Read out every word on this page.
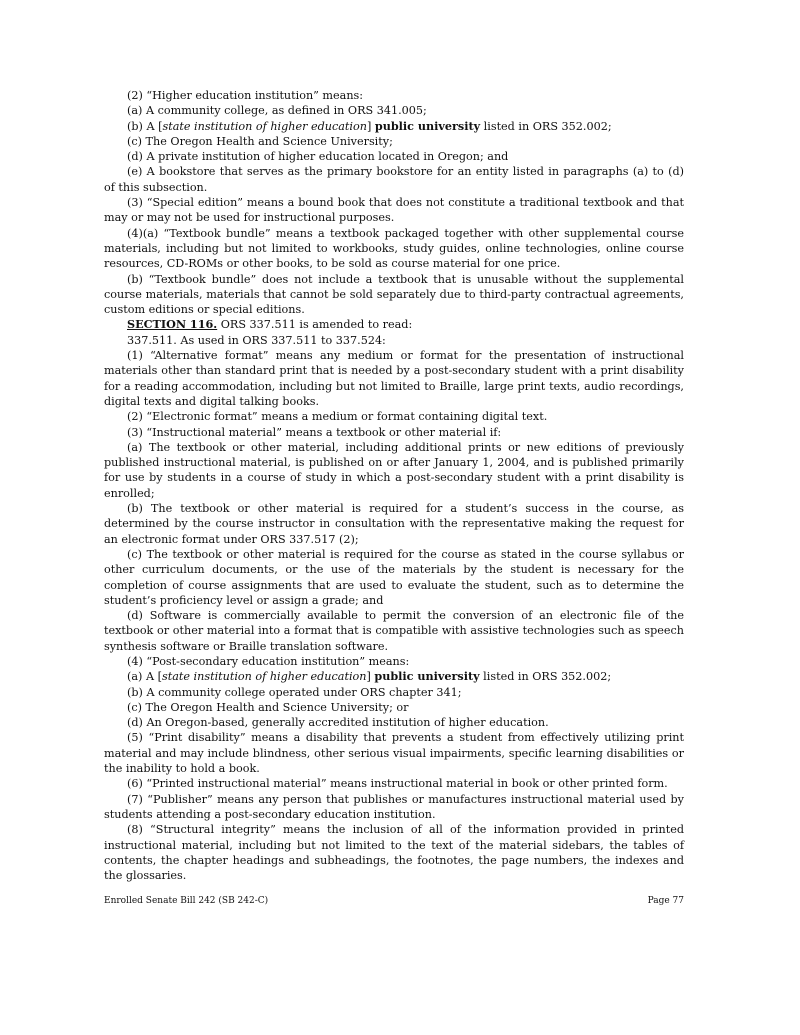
(2) “Higher education institution” means:

(a) A community college, as defined in ORS 341.005;

(b) A [state institution of higher education] public university listed in ORS 352.002;

(c) The Oregon Health and Science University;

(d) A private institution of higher education located in Oregon; and

(e) A bookstore that serves as the primary bookstore for an entity listed in paragraphs (a) to (d) of this subsection.

(3) “Special edition” means a bound book that does not constitute a traditional textbook and that may or may not be used for instructional purposes.

(4)(a) “Textbook bundle” means a textbook packaged together with other supplemental course materials, including but not limited to workbooks, study guides, online technologies, online course resources, CD-ROMs or other books, to be sold as course material for one price.

(b) “Textbook bundle” does not include a textbook that is unusable without the supplemental course materials, materials that cannot be sold separately due to third-party contractual agreements, custom editions or special editions.

SECTION 116. ORS 337.511 is amended to read:

337.511. As used in ORS 337.511 to 337.524:

(1) “Alternative format” means any medium or format for the presentation of instructional materials other than standard print that is needed by a post-secondary student with a print disability for a reading accommodation, including but not limited to Braille, large print texts, audio recordings, digital texts and digital talking books.

(2) “Electronic format” means a medium or format containing digital text.

(3) “Instructional material” means a textbook or other material if:

(a) The textbook or other material, including additional prints or new editions of previously published instructional material, is published on or after January 1, 2004, and is published primarily for use by students in a course of study in which a post-secondary student with a print disability is enrolled;

(b) The textbook or other material is required for a student’s success in the course, as determined by the course instructor in consultation with the representative making the request for an electronic format under ORS 337.517 (2);

(c) The textbook or other material is required for the course as stated in the course syllabus or other curriculum documents, or the use of the materials by the student is necessary for the completion of course assignments that are used to evaluate the student, such as to determine the student’s proficiency level or assign a grade; and

(d) Software is commercially available to permit the conversion of an electronic file of the textbook or other material into a format that is compatible with assistive technologies such as speech synthesis software or Braille translation software.

(4) “Post-secondary education institution” means:

(a) A [state institution of higher education] public university listed in ORS 352.002;

(b) A community college operated under ORS chapter 341;

(c) The Oregon Health and Science University; or

(d) An Oregon-based, generally accredited institution of higher education.

(5) “Print disability” means a disability that prevents a student from effectively utilizing print material and may include blindness, other serious visual impairments, specific learning disabilities or the inability to hold a book.

(6) “Printed instructional material” means instructional material in book or other printed form.

(7) “Publisher” means any person that publishes or manufactures instructional material used by students attending a post-secondary education institution.

(8) “Structural integrity” means the inclusion of all of the information provided in printed instructional material, including but not limited to the text of the material sidebars, the tables of contents, the chapter headings and subheadings, the footnotes, the page numbers, the indexes and the glossaries.

Enrolled Senate Bill 242 (SB 242-C)	Page 77
